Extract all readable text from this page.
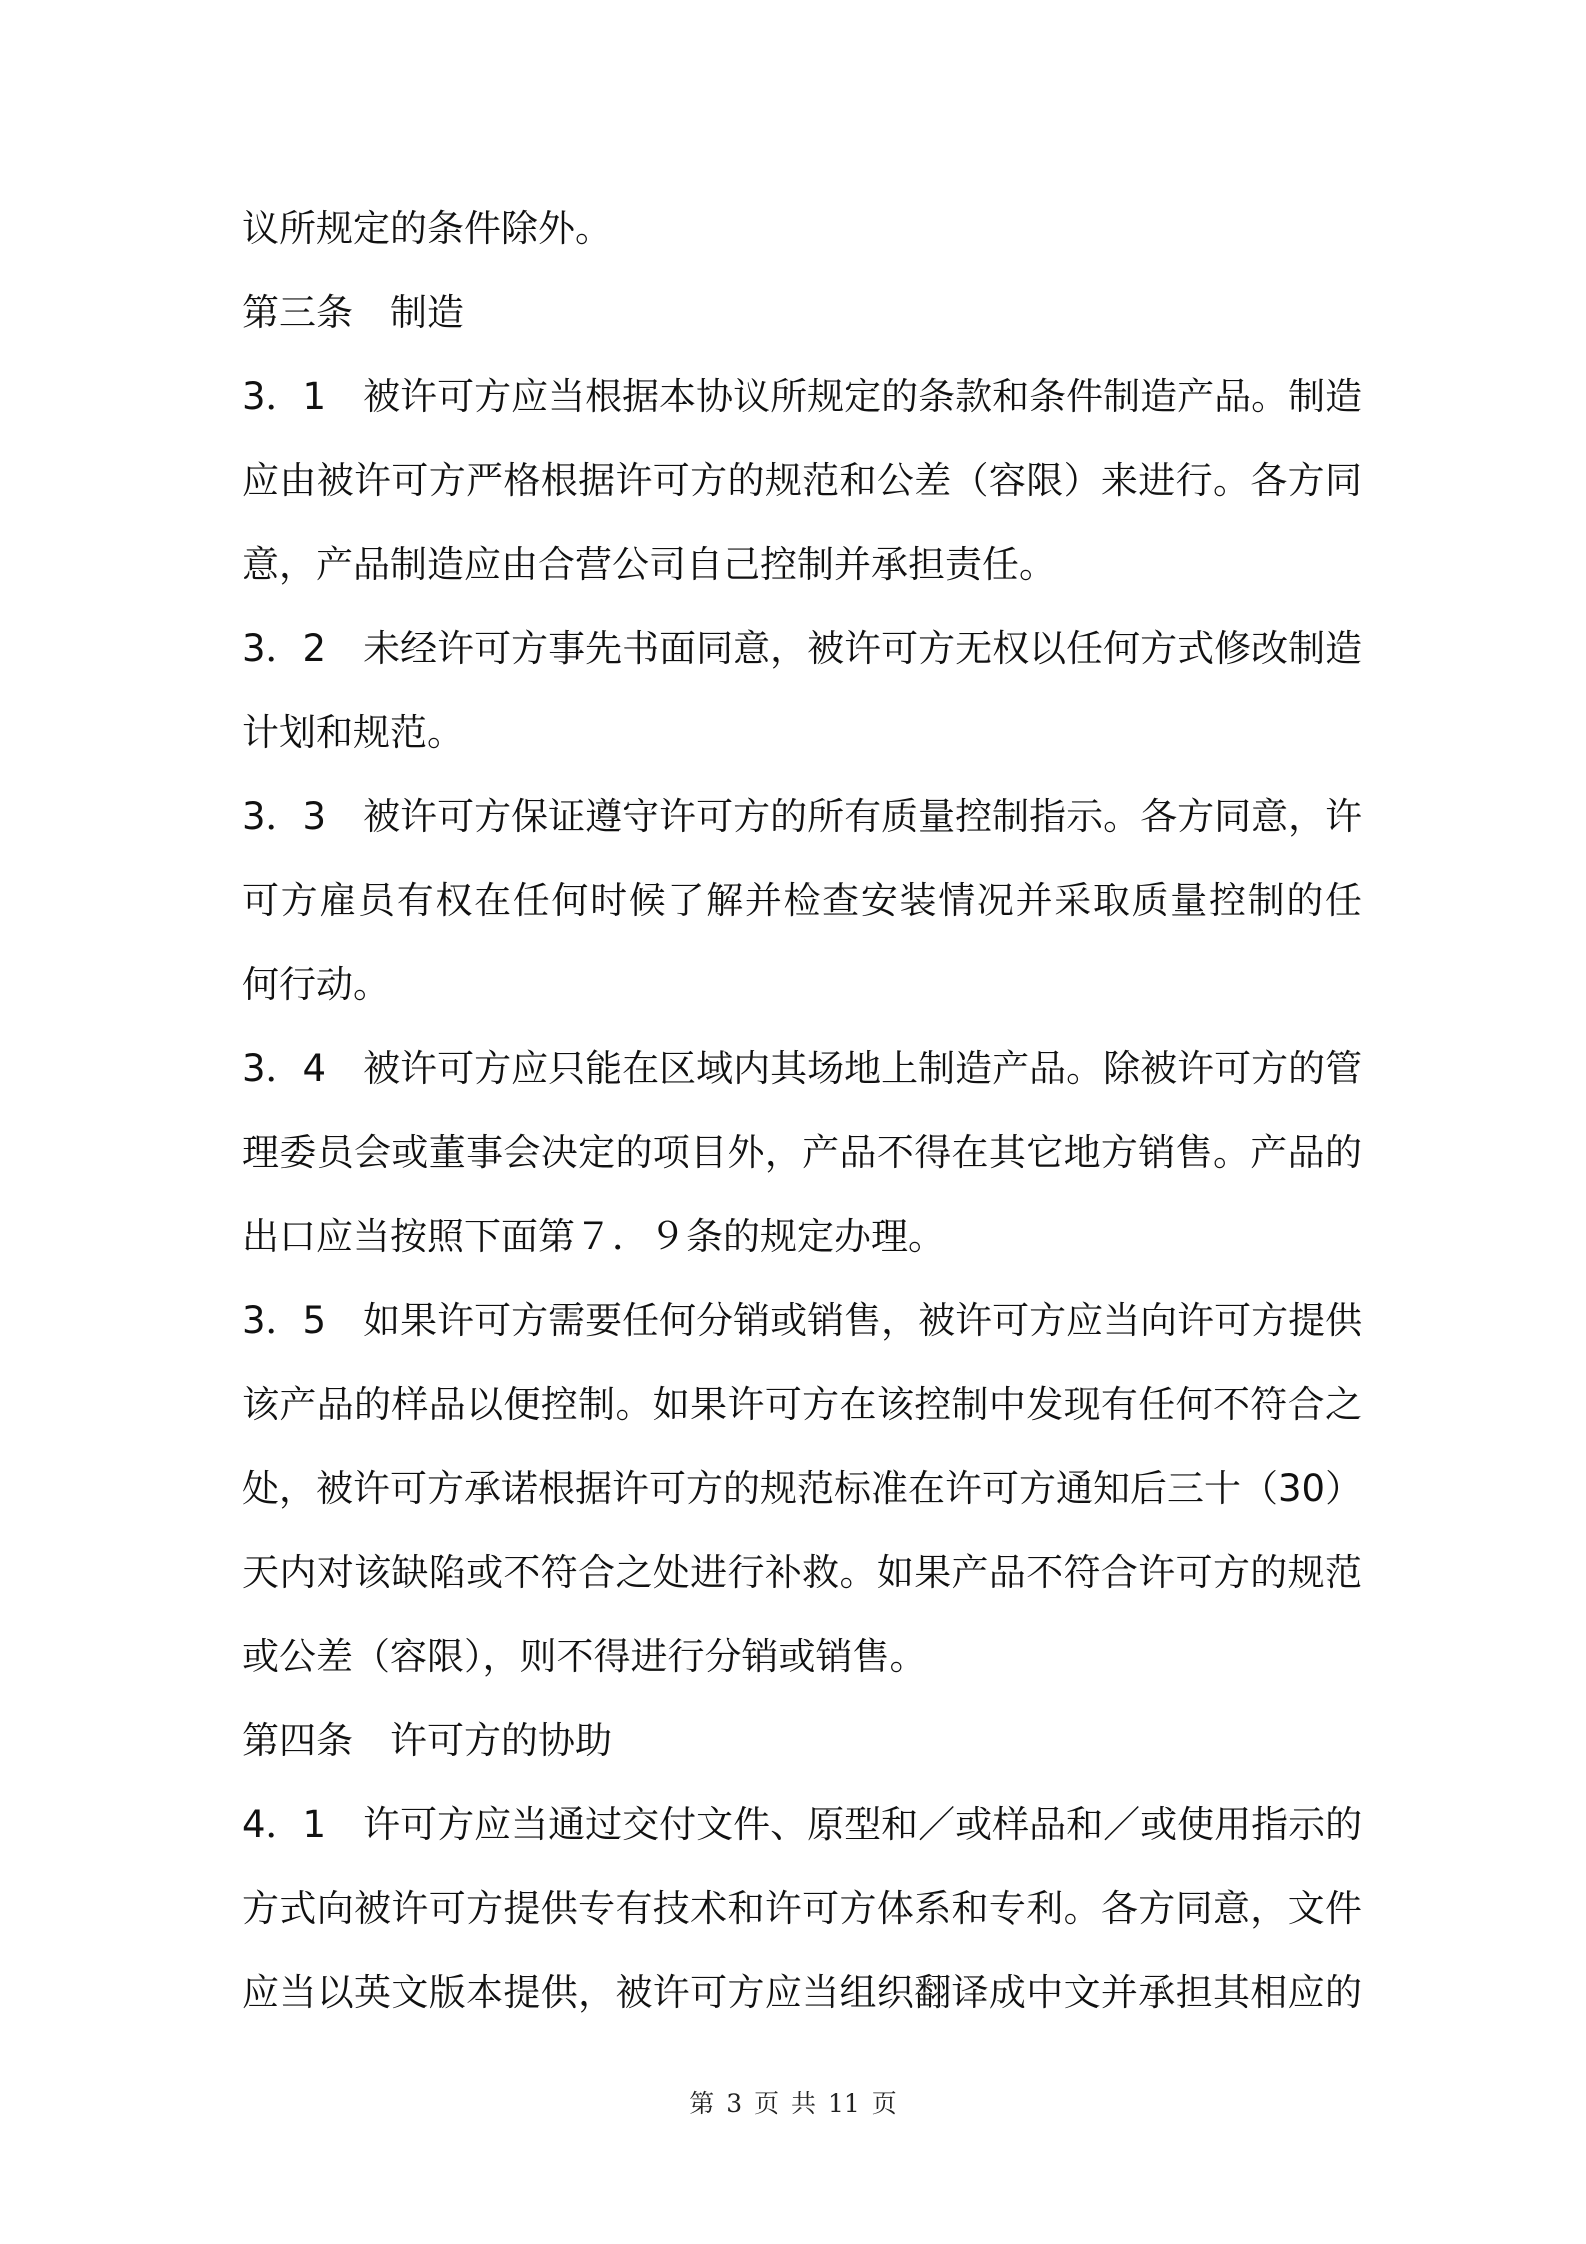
议所规定的条件除外。
第三条　制造
3．1　被许可方应当根据本协议所规定的条款和条件制造产品。制造
应由被许可方严格根据许可方的规范和公差（容限）来进行。各方同
意，产品制造应由合营公司自己控制并承担责任。
3．2　未经许可方事先书面同意，被许可方无权以任何方式修改制造
计划和规范。
3．3　被许可方保证遵守许可方的所有质量控制指示。各方同意，许
可方雇员有权在任何时候了解并检查安装情况并采取质量控制的任
何行动。
3．4　被许可方应只能在区域内其场地上制造产品。除被许可方的管
理委员会或董事会决定的项目外，产品不得在其它地方销售。产品的
出口应当按照下面第７．９条的规定办理。
3．5　如果许可方需要任何分销或销售，被许可方应当向许可方提供
该产品的样品以便控制。如果许可方在该控制中发现有任何不符合之
处，被许可方承诺根据许可方的规范标准在许可方通知后三十（30）
天内对该缺陷或不符合之处进行补救。如果产品不符合许可方的规范
或公差（容限），则不得进行分销或销售。
第四条　许可方的协助
4．1　许可方应当通过交付文件、原型和／或样品和／或使用指示的
方式向被许可方提供专有技术和许可方体系和专利。各方同意，文件
应当以英文版本提供，被许可方应当组织翻译成中文并承担其相应的
第 3 页 共 11 页
